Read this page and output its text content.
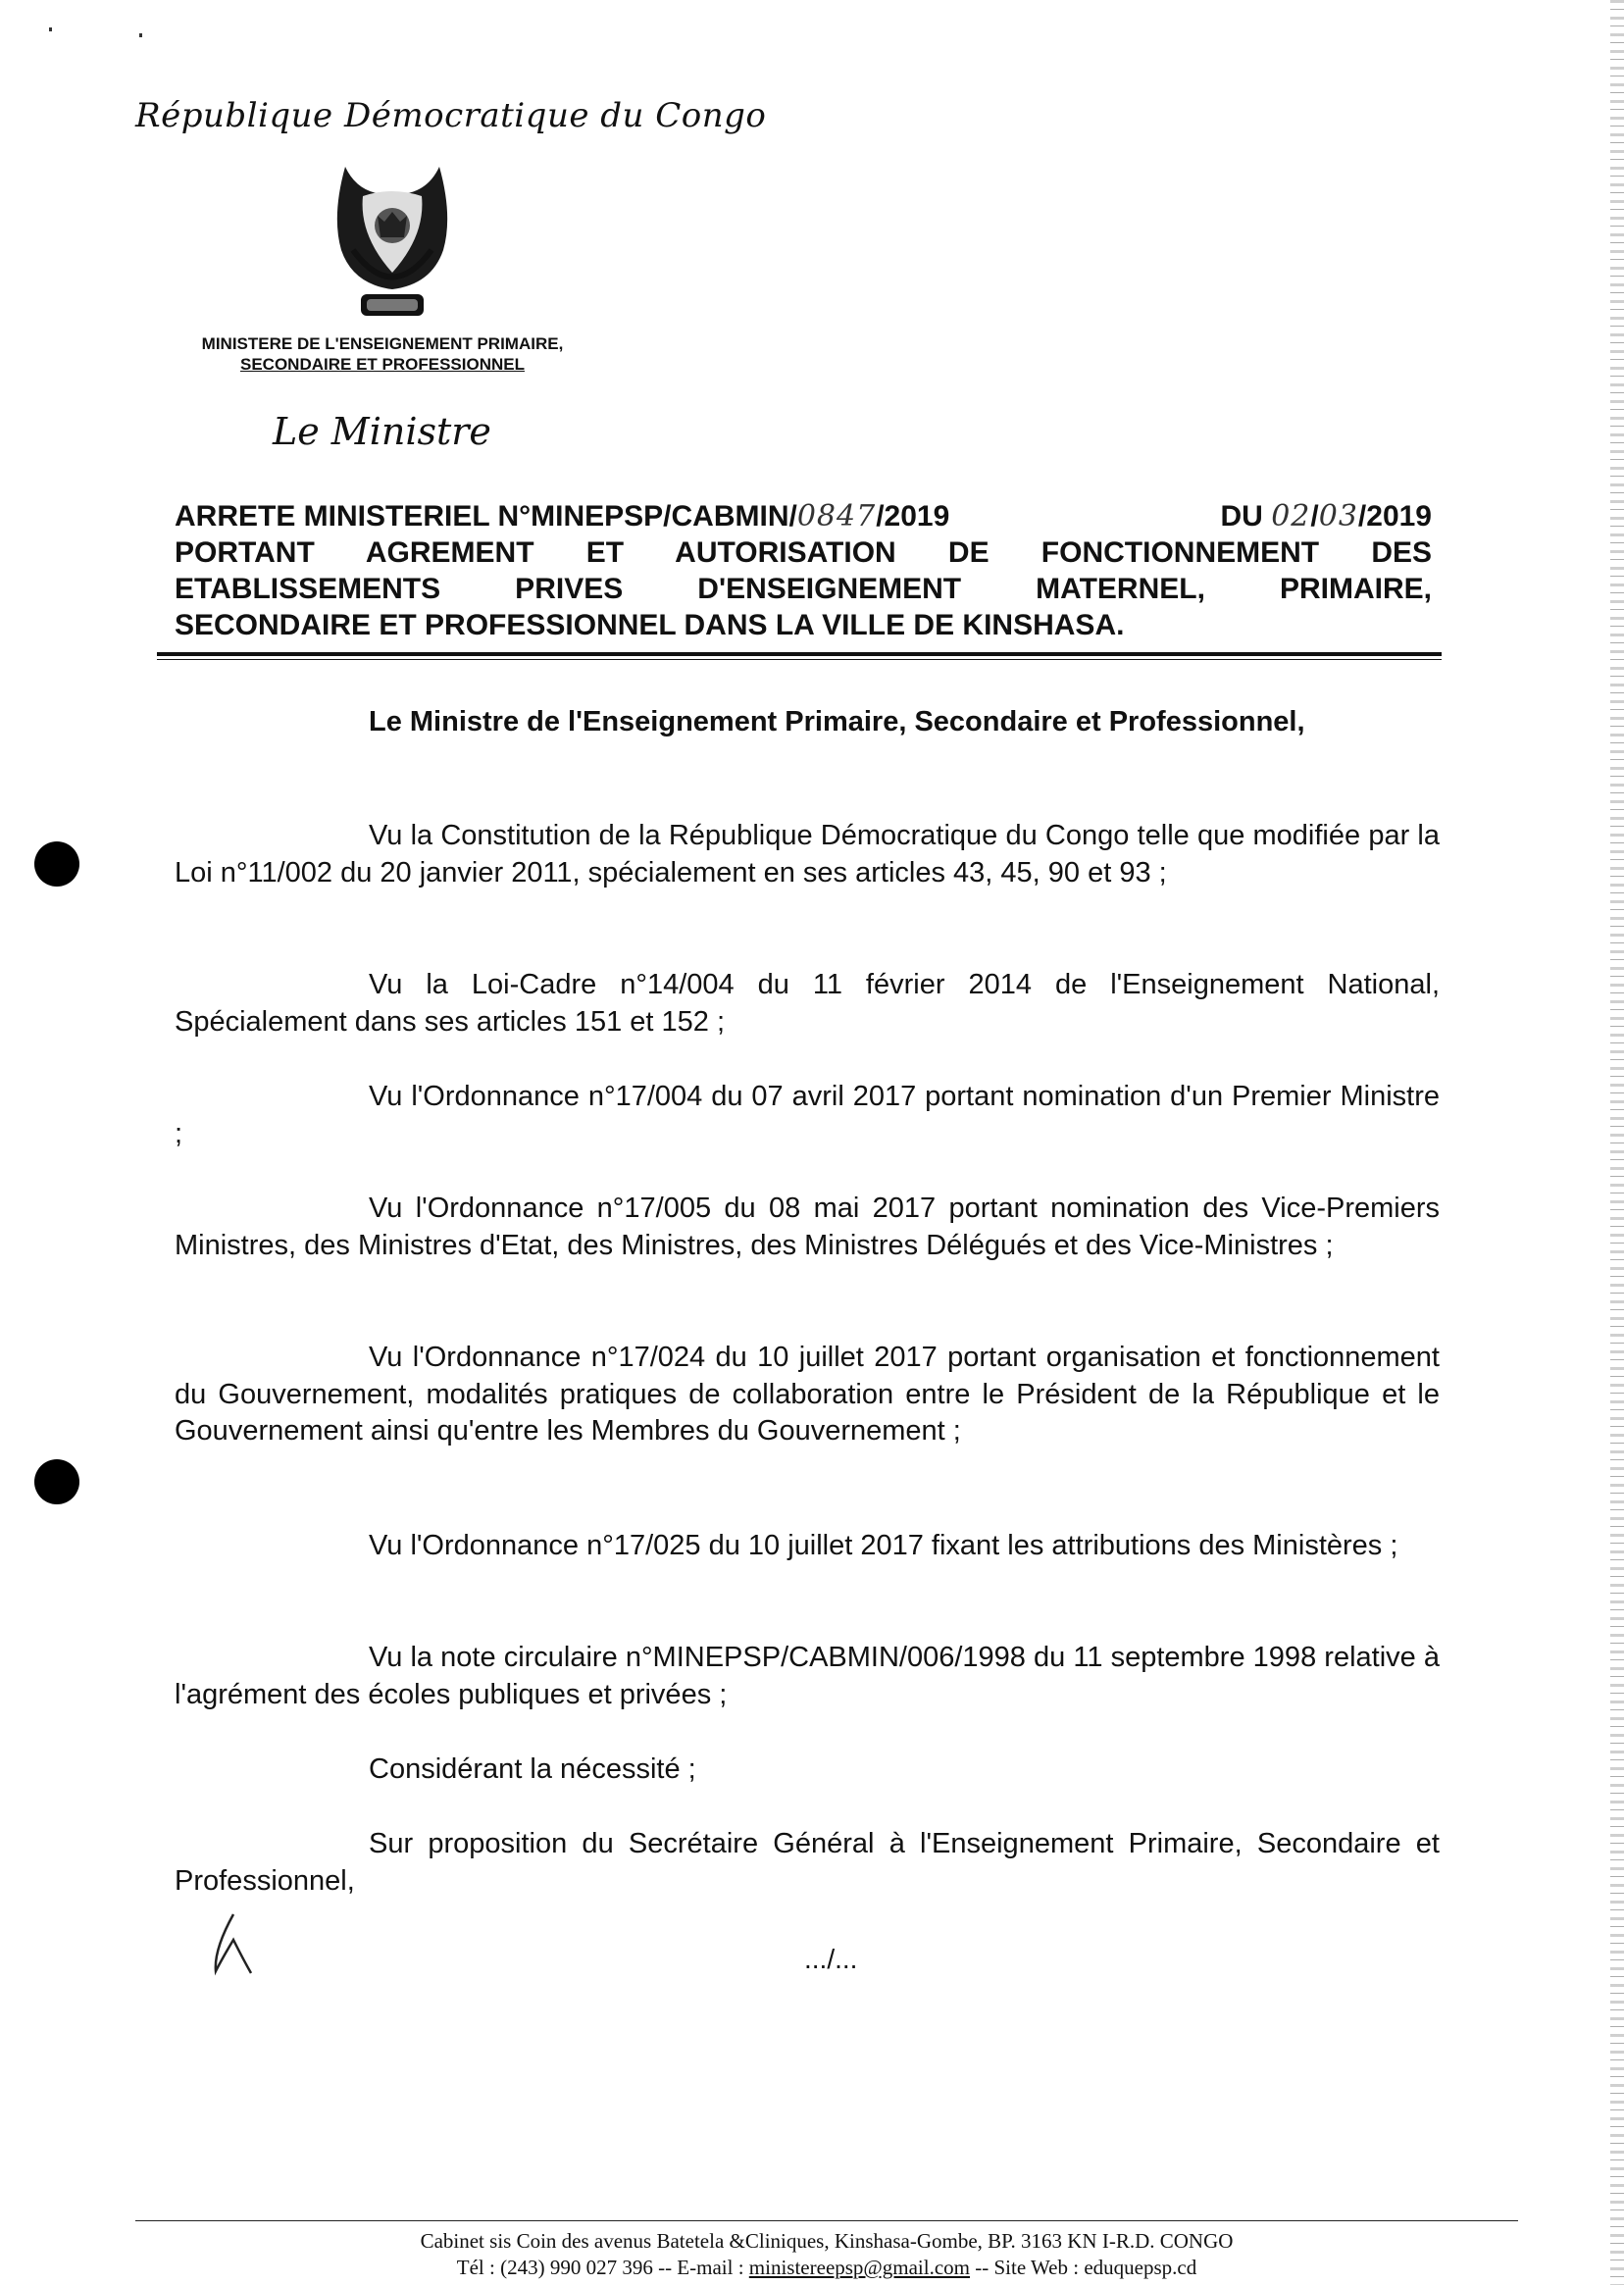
République Démocratique du Congo
MINISTERE DE L'ENSEIGNEMENT PRIMAIRE,
SECONDAIRE ET PROFESSIONNEL
Le Ministre
ARRETE MINISTERIEL N°MINEPSP/CABMIN/0847/2019	DU 02/03/2019
PORTANT AGREMENT ET AUTORISATION DE FONCTIONNEMENT DES
ETABLISSEMENTS PRIVES D'ENSEIGNEMENT MATERNEL, PRIMAIRE,
SECONDAIRE ET PROFESSIONNEL DANS LA VILLE DE KINSHASA.

Le Ministre de l'Enseignement Primaire, Secondaire et Professionnel,

Vu la Constitution de la République Démocratique du Congo telle que modifiée par la Loi n°11/002 du 20 janvier 2011, spécialement en ses articles 43, 45, 90 et 93 ;

Vu la Loi-Cadre n°14/004 du 11 février 2014 de l'Enseignement National, Spécialement dans ses articles 151 et 152 ;

Vu l'Ordonnance n°17/004 du 07 avril 2017 portant nomination d'un Premier Ministre ;

Vu l'Ordonnance n°17/005 du 08 mai 2017 portant nomination des Vice-Premiers Ministres, des Ministres d'Etat, des Ministres, des Ministres Délégués et des Vice-Ministres ;

Vu l'Ordonnance n°17/024 du 10 juillet 2017 portant organisation et fonctionnement du Gouvernement, modalités pratiques de collaboration entre le Président de la République et le Gouvernement ainsi qu'entre les Membres du Gouvernement ;

Vu l'Ordonnance n°17/025 du 10 juillet 2017 fixant les attributions des Ministères ;

Vu la note circulaire n°MINEPSP/CABMIN/006/1998 du 11 septembre 1998 relative à l'agrément des écoles publiques et privées ;

Considérant la nécessité ;

Sur proposition du Secrétaire Général à l'Enseignement Primaire, Secondaire et Professionnel,

.../...
Cabinet sis Coin des avenus Batetela &Cliniques, Kinshasa-Gombe, BP. 3163 KN I-R.D. CONGO
Tél : (243) 990 027 396 -- E-mail : ministereepsp@gmail.com -- Site Web : eduquepsp.cd
